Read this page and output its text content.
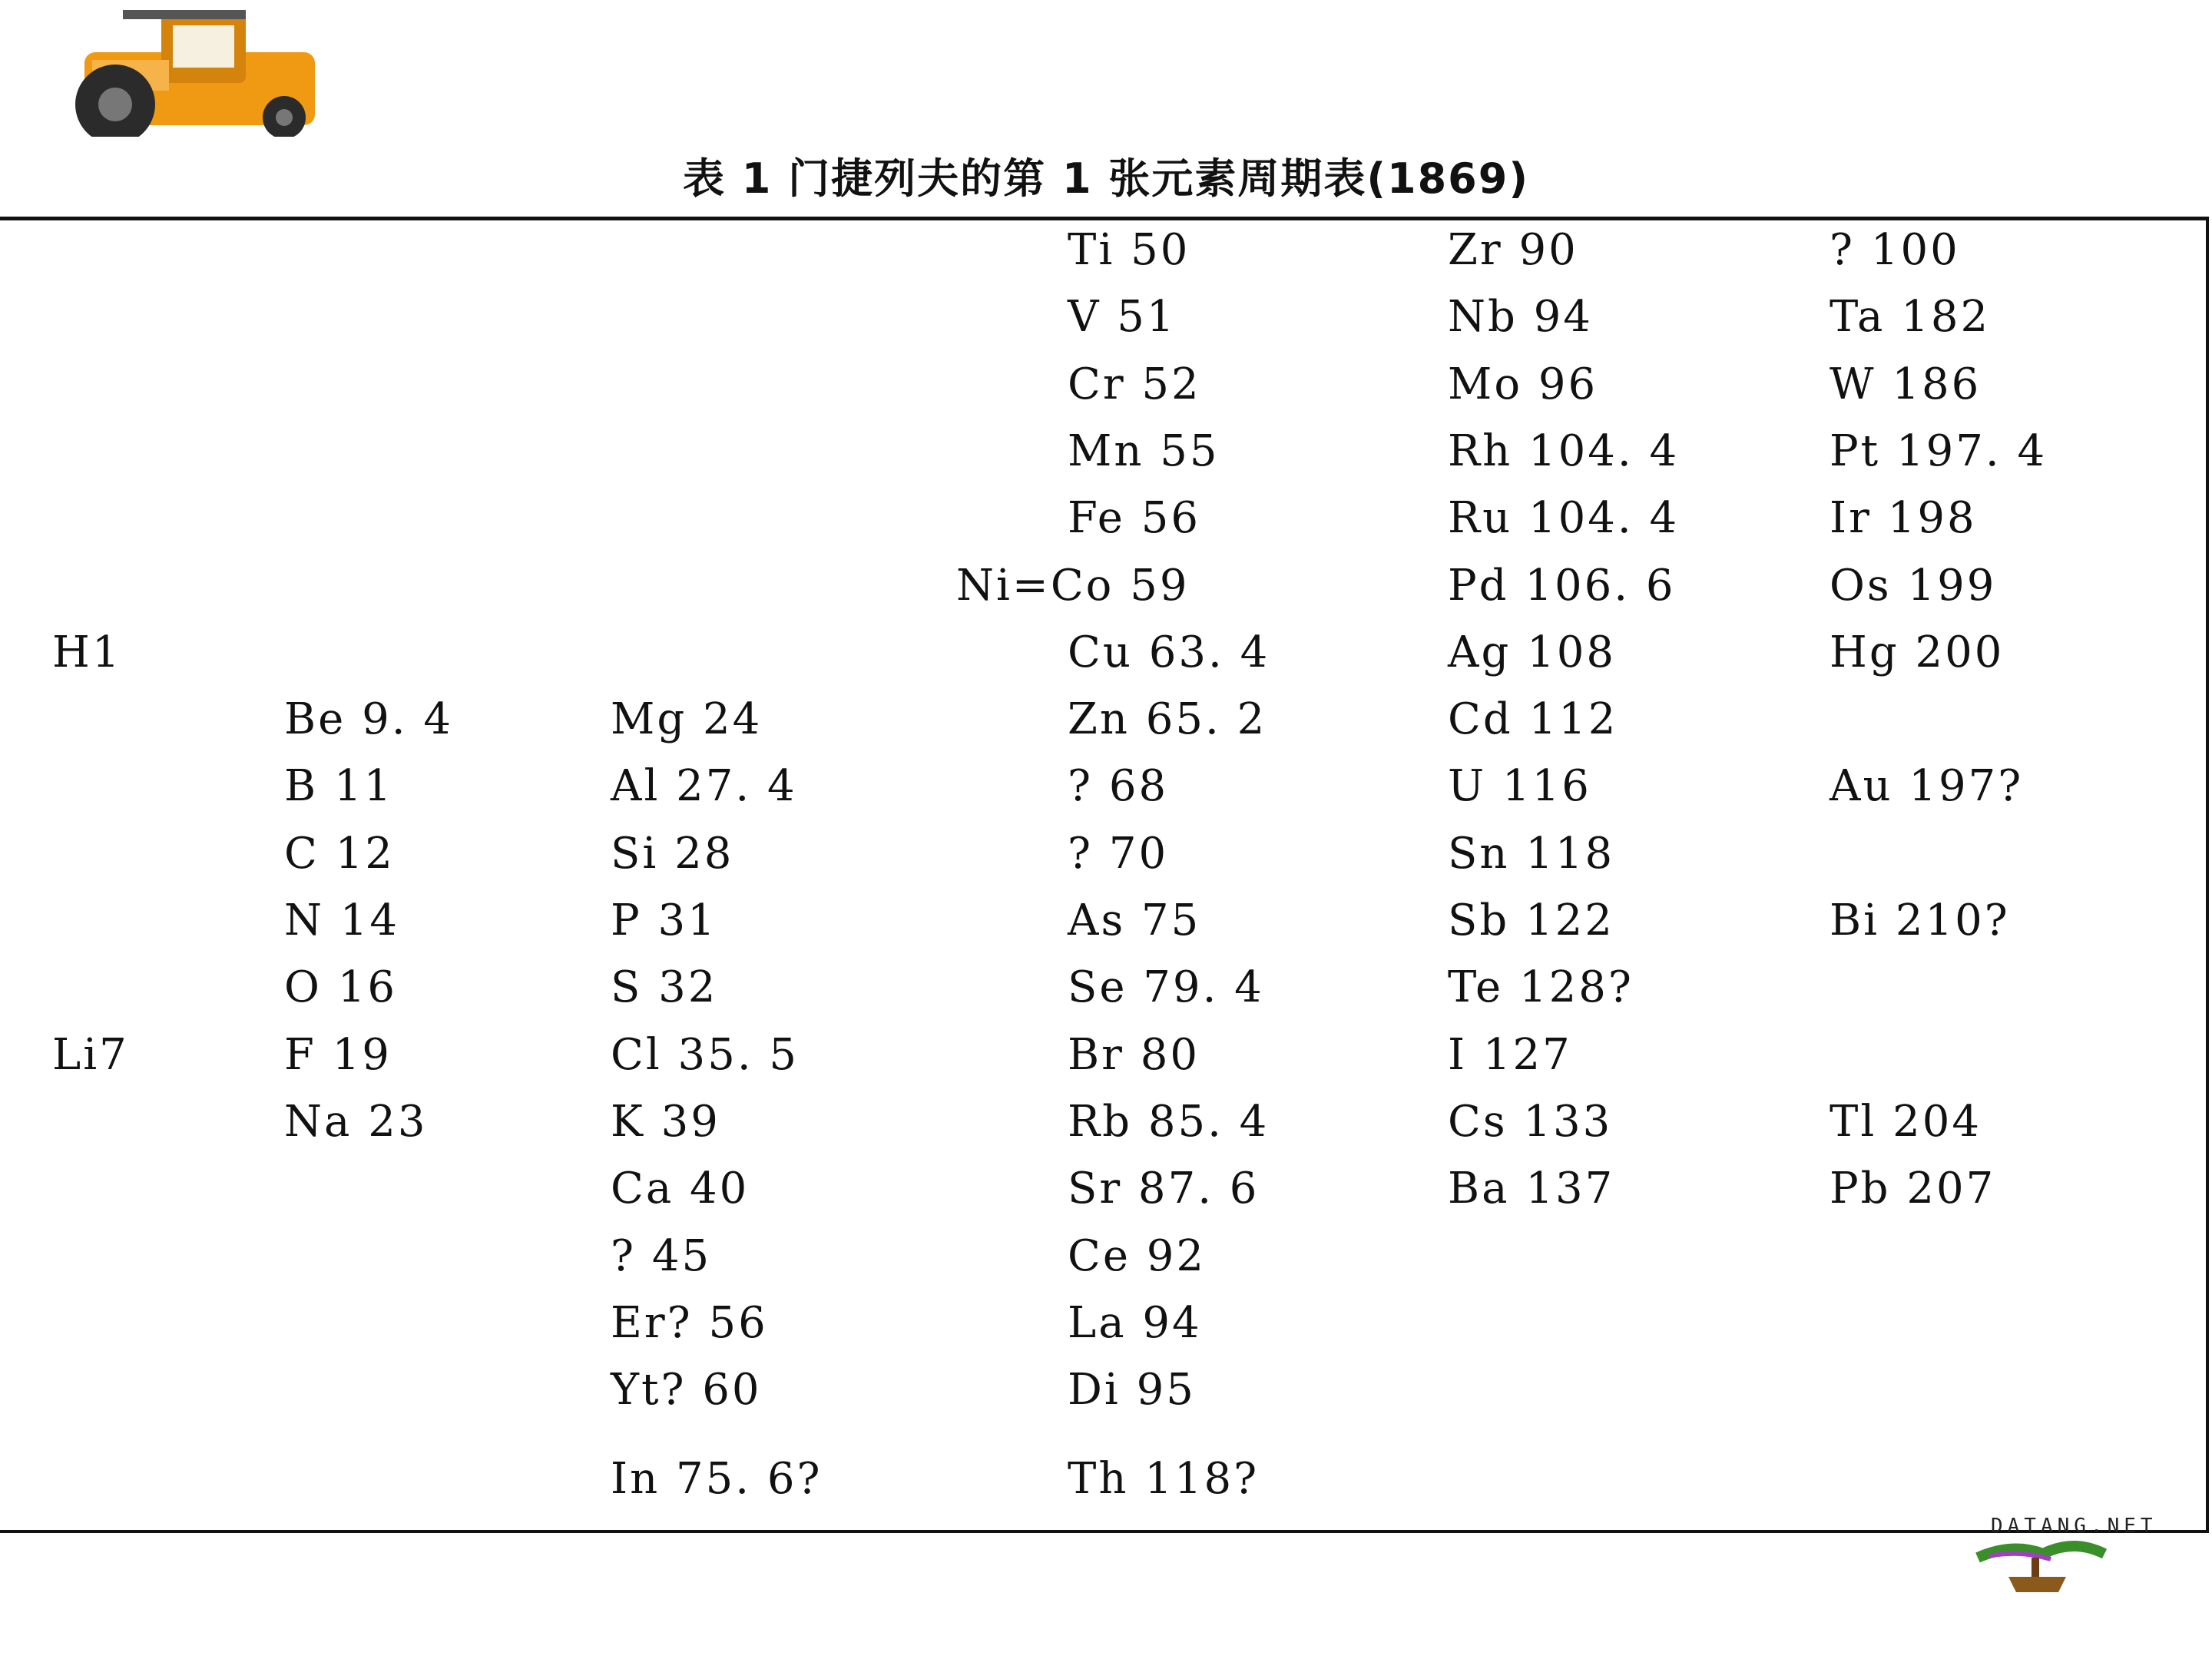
表 1 门捷列夫的第 1 张元素周期表(1869)
H1
Li7
Be 9. 4
B 11
C 12
N 14
O 16
F 19
Na 23
Mg 24
Al 27. 4
Si 28
P 31
S 32
Cl 35. 5
K 39
Ca 40
? 45
Er? 56
Yt? 60
In 75. 6?
Ti 50
V 51
Cr 52
Mn 55
Fe 56
Ni=Co 59
Cu 63. 4
Zn 65. 2
? 68
? 70
As 75
Se 79. 4
Br 80
Rb 85. 4
Sr 87. 6
Ce 92
La 94
Di 95
Th 118?
Zr 90
Nb 94
Mo 96
Rh 104. 4
Ru 104. 4
Pd 106. 6
Ag 108
Cd 112
U 116
Sn 118
Sb 122
Te 128?
I 127
Cs 133
Ba 137
? 100
Ta 182
W 186
Pt 197. 4
Ir 198
Os 199
Hg 200
Au 197?
Bi 210?
Tl 204
Pb 207
DATANG.NET
